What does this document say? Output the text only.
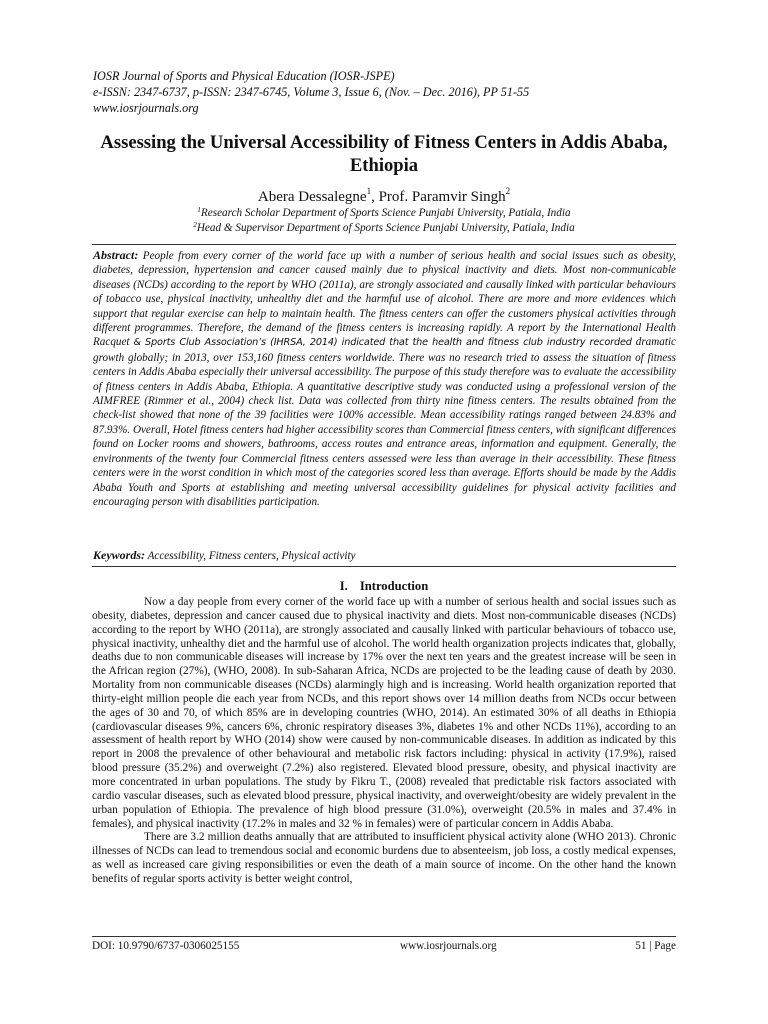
IOSR Journal of Sports and Physical Education (IOSR-JSPE)
e-ISSN: 2347-6737, p-ISSN: 2347-6745, Volume 3, Issue 6, (Nov. – Dec. 2016), PP 51-55
www.iosrjournals.org
Assessing the Universal Accessibility of Fitness Centers in Addis Ababa, Ethiopia
Abera Dessalegne$^1$, Prof. Paramvir Singh$^2$
$^1$Research Scholar Department of Sports Science Punjabi University, Patiala, India
$^2$Head & Supervisor Department of Sports Science Punjabi University, Patiala, India
Abstract: People from every corner of the world face up with a number of serious health and social issues such as obesity, diabetes, depression, hypertension and cancer caused mainly due to physical inactivity and diets. Most non-communicable diseases (NCDs) according to the report by WHO (2011a), are strongly associated and causally linked with particular behaviours of tobacco use, physical inactivity, unhealthy diet and the harmful use of alcohol. There are more and more evidences which support that regular exercise can help to maintain health. The fitness centers can offer the customers physical activities through different programmes. Therefore, the demand of the fitness centers is increasing rapidly. A report by the International Health Racquet & Sports Club Association’s (IHRSA, 2014) indicated that the health and fitness club industry recorded dramatic growth globally; in 2013, over 153,160 fitness centers worldwide. There was no research tried to assess the situation of fitness centers in Addis Ababa especially their universal accessibility. The purpose of this study therefore was to evaluate the accessibility of fitness centers in Addis Ababa, Ethiopia. A quantitative descriptive study was conducted using a professional version of the AIMFREE (Rimmer et al., 2004) check list. Data was collected from thirty nine fitness centers. The results obtained from the check-list showed that none of the 39 facilities were 100% accessible. Mean accessibility ratings ranged between 24.83% and 87.93%. Overall, Hotel fitness centers had higher accessibility scores than Commercial fitness centers, with significant differences found on Locker rooms and showers, bathrooms, access routes and entrance areas, information and equipment. Generally, the environments of the twenty four Commercial fitness centers assessed were less than average in their accessibility. These fitness centers were in the worst condition in which most of the categories scored less than average. Efforts should be made by the Addis Ababa Youth and Sports at establishing and meeting universal accessibility guidelines for physical activity facilities and encouraging person with disabilities participation.
Keywords: Accessibility, Fitness centers, Physical activity
I. Introduction

Now a day people from every corner of the world face up with a number of serious health and social issues such as obesity, diabetes, depression and cancer caused due to physical inactivity and diets. Most non-communicable diseases (NCDs) according to the report by WHO (2011a), are strongly associated and causally linked with particular behaviours of tobacco use, physical inactivity, unhealthy diet and the harmful use of alcohol. The world health organization projects indicates that, globally, deaths due to non communicable diseases will increase by 17% over the next ten years and the greatest increase will be seen in the African region (27%), (WHO, 2008). In sub-Saharan Africa, NCDs are projected to be the leading cause of death by 2030. Mortality from non communicable diseases (NCDs) alarmingly high and is increasing. World health organization reported that thirty-eight million people die each year from NCDs, and this report shows over 14 million deaths from NCDs occur between the ages of 30 and 70, of which 85% are in developing countries (WHO, 2014). An estimated 30% of all deaths in Ethiopia (cardiovascular diseases 9%, cancers 6%, chronic respiratory diseases 3%, diabetes 1% and other NCDs 11%), according to an assessment of health report by WHO (2014) show were caused by non-communicable diseases. In addition as indicated by this report in 2008 the prevalence of other behavioural and metabolic risk factors including: physical in activity (17.9%), raised blood pressure (35.2%) and overweight (7.2%) also registered. Elevated blood pressure, obesity, and physical inactivity are more concentrated in urban populations. The study by Fikru T., (2008) revealed that predictable risk factors associated with cardio vascular diseases, such as elevated blood pressure, physical inactivity, and overweight/obesity are widely prevalent in the urban population of Ethiopia. The prevalence of high blood pressure (31.0%), overweight (20.5% in males and 37.4% in females), and physical inactivity (17.2% in males and 32 % in females) were of particular concern in Addis Ababa.

There are 3.2 million deaths annually that are attributed to insufficient physical activity alone (WHO 2013). Chronic illnesses of NCDs can lead to tremendous social and economic burdens due to absenteeism, job loss, a costly medical expenses, as well as increased care giving responsibilities or even the death of a main source of income. On the other hand the known benefits of regular sports activity is better weight control,

DOI: 10.9790/6737-0306025155	www.iosrjournals.org	51 | Page
